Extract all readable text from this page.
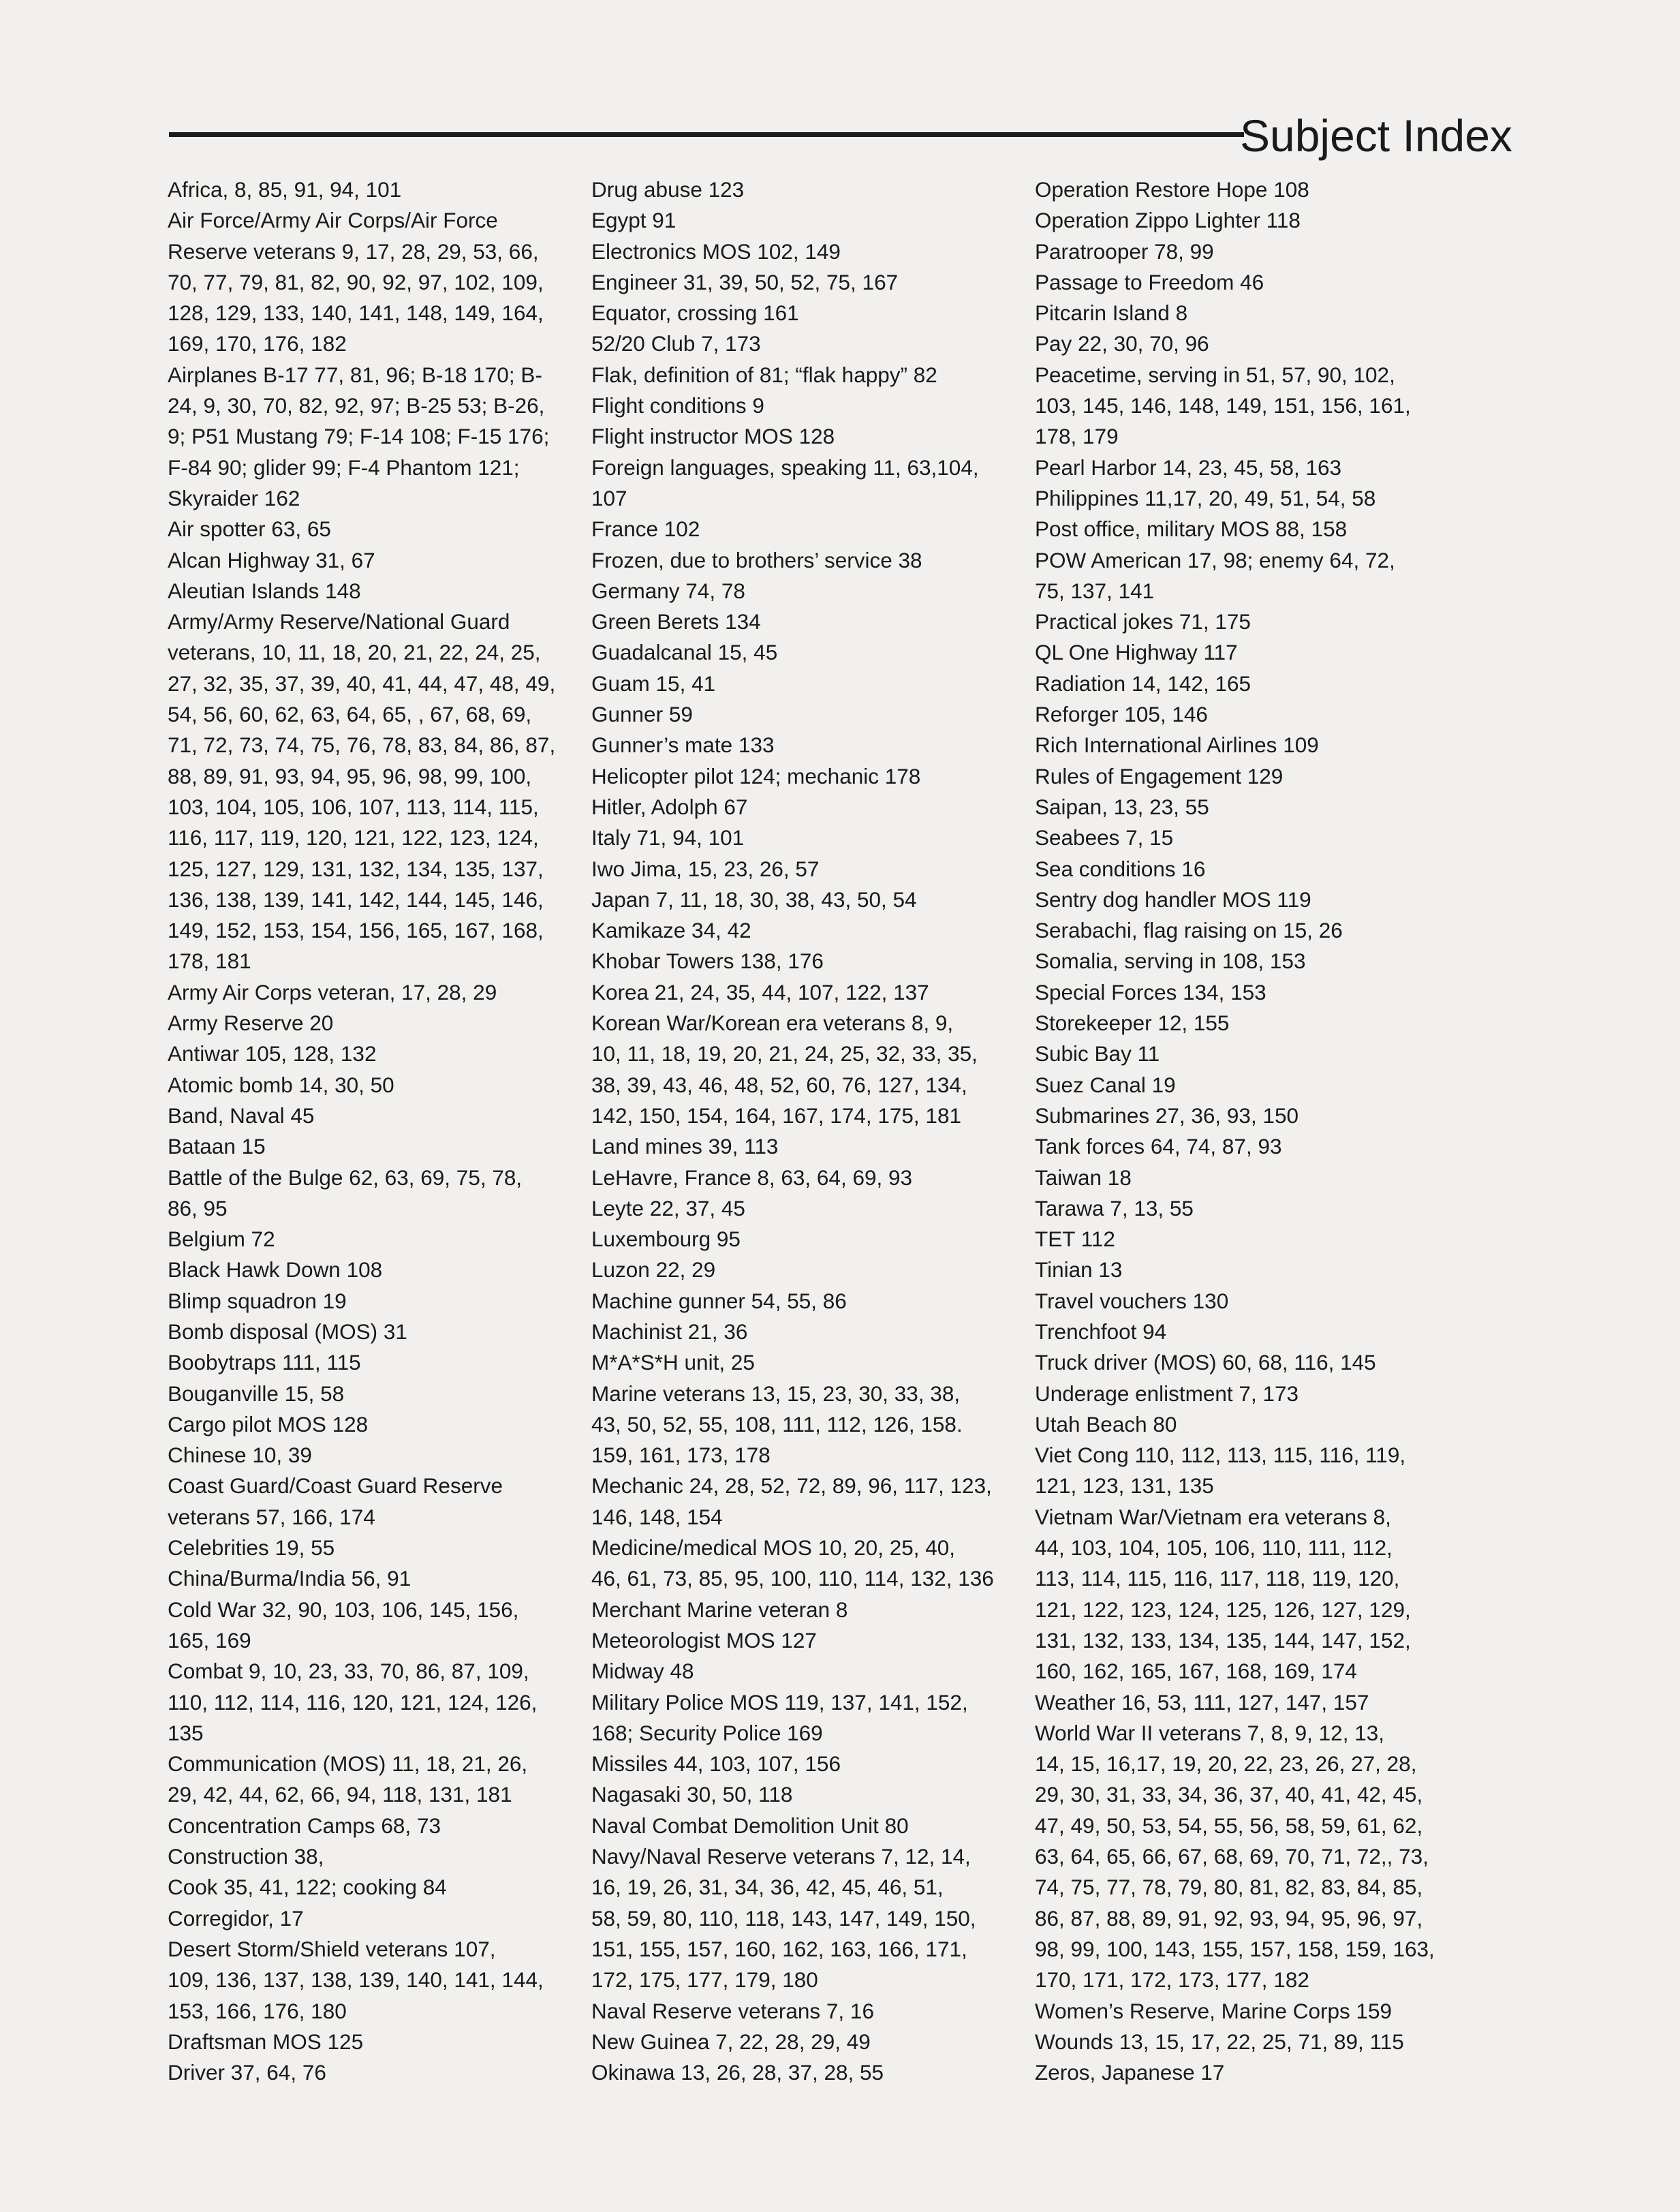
Subject Index
Africa, 8, 85, 91, 94, 101
Air Force/Army Air Corps/Air Force
Reserve veterans 9, 17, 28, 29, 53, 66,
70, 77, 79, 81, 82, 90, 92, 97, 102, 109,
128, 129, 133, 140, 141, 148, 149, 164,
169, 170, 176, 182
Airplanes B-17 77, 81, 96; B-18 170; B-
24, 9, 30, 70, 82, 92, 97; B-25 53; B-26,
9; P51 Mustang 79; F-14 108; F-15 176;
F-84 90; glider 99; F-4 Phantom 121;
Skyraider 162
Air spotter 63, 65
Alcan Highway 31, 67
Aleutian Islands 148
Army/Army Reserve/National Guard
veterans, 10, 11, 18, 20, 21, 22, 24, 25,
27, 32, 35, 37, 39, 40, 41, 44, 47, 48, 49,
54, 56, 60, 62, 63, 64, 65, , 67, 68, 69,
71, 72, 73, 74, 75, 76, 78, 83, 84, 86, 87,
88, 89, 91, 93, 94, 95, 96, 98, 99, 100,
103, 104, 105, 106, 107, 113, 114, 115,
116, 117, 119, 120, 121, 122, 123, 124,
125, 127, 129, 131, 132, 134, 135, 137,
136, 138, 139, 141, 142, 144, 145, 146,
149, 152, 153, 154, 156, 165, 167, 168,
178, 181
Army Air Corps veteran, 17, 28, 29
Army Reserve 20
Antiwar 105, 128, 132
Atomic bomb 14, 30, 50
Band, Naval 45
Bataan 15
Battle of the Bulge 62, 63, 69, 75, 78,
86, 95
Belgium 72
Black Hawk Down 108
Blimp squadron 19
Bomb disposal (MOS) 31
Boobytraps 111, 115
Bouganville 15, 58
Cargo pilot MOS 128
Chinese 10, 39
Coast Guard/Coast Guard Reserve
veterans 57, 166, 174
Celebrities 19, 55
China/Burma/India 56, 91
Cold War 32, 90, 103, 106, 145, 156,
165, 169
Combat 9, 10, 23, 33, 70, 86, 87, 109,
110, 112, 114, 116, 120, 121, 124, 126,
135
Communication (MOS) 11, 18, 21, 26,
29, 42, 44, 62, 66, 94, 118, 131, 181
Concentration Camps 68, 73
Construction 38,
Cook 35, 41, 122; cooking 84
Corregidor, 17
Desert Storm/Shield veterans 107,
109, 136, 137, 138, 139, 140, 141, 144,
153, 166, 176, 180
Draftsman MOS 125
Driver 37, 64, 76
Drug abuse 123
Egypt 91
Electronics MOS 102, 149
Engineer 31, 39, 50, 52, 75, 167
Equator, crossing 161
52/20 Club 7, 173
Flak, definition of 81; “flak happy” 82
Flight conditions 9
Flight instructor MOS 128
Foreign languages, speaking 11, 63,104,
107
France 102
Frozen, due to brothers’ service 38
Germany 74, 78
Green Berets 134
Guadalcanal 15, 45
Guam 15, 41
Gunner 59
Gunner’s mate 133
Helicopter pilot 124; mechanic 178
Hitler, Adolph 67
Italy 71, 94, 101
Iwo Jima, 15, 23, 26, 57
Japan 7, 11, 18, 30, 38, 43, 50, 54
Kamikaze 34, 42
Khobar Towers 138, 176
Korea 21, 24, 35, 44, 107, 122, 137
Korean War/Korean era veterans 8, 9,
10, 11, 18, 19, 20, 21, 24, 25, 32, 33, 35,
38, 39, 43, 46, 48, 52, 60, 76, 127, 134,
142, 150, 154, 164, 167, 174, 175, 181
Land mines 39, 113
LeHavre, France 8, 63, 64, 69, 93
Leyte 22, 37, 45
Luxembourg 95
Luzon 22, 29
Machine gunner 54, 55, 86
Machinist 21, 36
M*A*S*H unit, 25
Marine veterans 13, 15, 23, 30, 33, 38,
43, 50, 52, 55, 108, 111, 112, 126, 158.
159, 161, 173, 178
Mechanic 24, 28, 52, 72, 89, 96, 117, 123,
146, 148, 154
Medicine/medical MOS 10, 20, 25, 40,
46, 61, 73, 85, 95, 100, 110, 114, 132, 136
Merchant Marine veteran 8
Meteorologist MOS 127
Midway 48
Military Police MOS 119, 137, 141, 152,
168; Security Police 169
Missiles 44, 103, 107, 156
Nagasaki 30, 50, 118
Naval Combat Demolition Unit 80
Navy/Naval Reserve veterans 7, 12, 14,
16, 19, 26, 31, 34, 36, 42, 45, 46, 51,
58, 59, 80, 110, 118, 143, 147, 149, 150,
151, 155, 157, 160, 162, 163, 166, 171,
172, 175, 177, 179, 180
Naval Reserve veterans 7, 16
New Guinea 7, 22, 28, 29, 49
Okinawa 13, 26, 28, 37, 28, 55
Operation Restore Hope 108
Operation Zippo Lighter 118
Paratrooper 78, 99
Passage to Freedom 46
Pitcarin Island 8
Pay 22, 30, 70, 96
Peacetime, serving in 51, 57, 90, 102,
103, 145, 146, 148, 149, 151, 156, 161,
178, 179
Pearl Harbor 14, 23, 45, 58, 163
Philippines 11,17, 20, 49, 51, 54, 58
Post office, military MOS 88, 158
POW American 17, 98; enemy 64, 72,
75, 137, 141
Practical jokes 71, 175
QL One Highway 117
Radiation 14, 142, 165
Reforger 105, 146
Rich International Airlines 109
Rules of Engagement 129
Saipan, 13, 23, 55
Seabees 7, 15
Sea conditions 16
Sentry dog handler MOS 119
Serabachi, flag raising on 15, 26
Somalia, serving in 108, 153
Special Forces 134, 153
Storekeeper 12, 155
Subic Bay 11
Suez Canal 19
Submarines 27, 36, 93, 150
Tank forces 64, 74, 87, 93
Taiwan 18
Tarawa 7, 13, 55
TET 112
Tinian 13
Travel vouchers 130
Trenchfoot 94
Truck driver (MOS) 60, 68, 116, 145
Underage enlistment 7, 173
Utah Beach 80
Viet Cong 110, 112, 113, 115, 116, 119,
121, 123, 131, 135
Vietnam War/Vietnam era veterans 8,
44, 103, 104, 105, 106, 110, 111, 112,
113, 114, 115, 116, 117, 118, 119, 120,
121, 122, 123, 124, 125, 126, 127, 129,
131, 132, 133, 134, 135, 144, 147, 152,
160, 162, 165, 167, 168, 169, 174
Weather 16, 53, 111, 127, 147, 157
World War II veterans 7, 8, 9, 12, 13,
14, 15, 16,17, 19, 20, 22, 23, 26, 27, 28,
29, 30, 31, 33, 34, 36, 37, 40, 41, 42, 45,
47, 49, 50, 53, 54, 55, 56, 58, 59, 61, 62,
63, 64, 65, 66, 67, 68, 69, 70, 71, 72,, 73,
74, 75, 77, 78, 79, 80, 81, 82, 83, 84, 85,
86, 87, 88, 89, 91, 92, 93, 94, 95, 96, 97,
98, 99, 100, 143, 155, 157, 158, 159, 163,
170, 171, 172, 173, 177, 182
Women’s Reserve, Marine Corps 159
Wounds 13, 15, 17, 22, 25, 71, 89, 115
Zeros, Japanese 17
